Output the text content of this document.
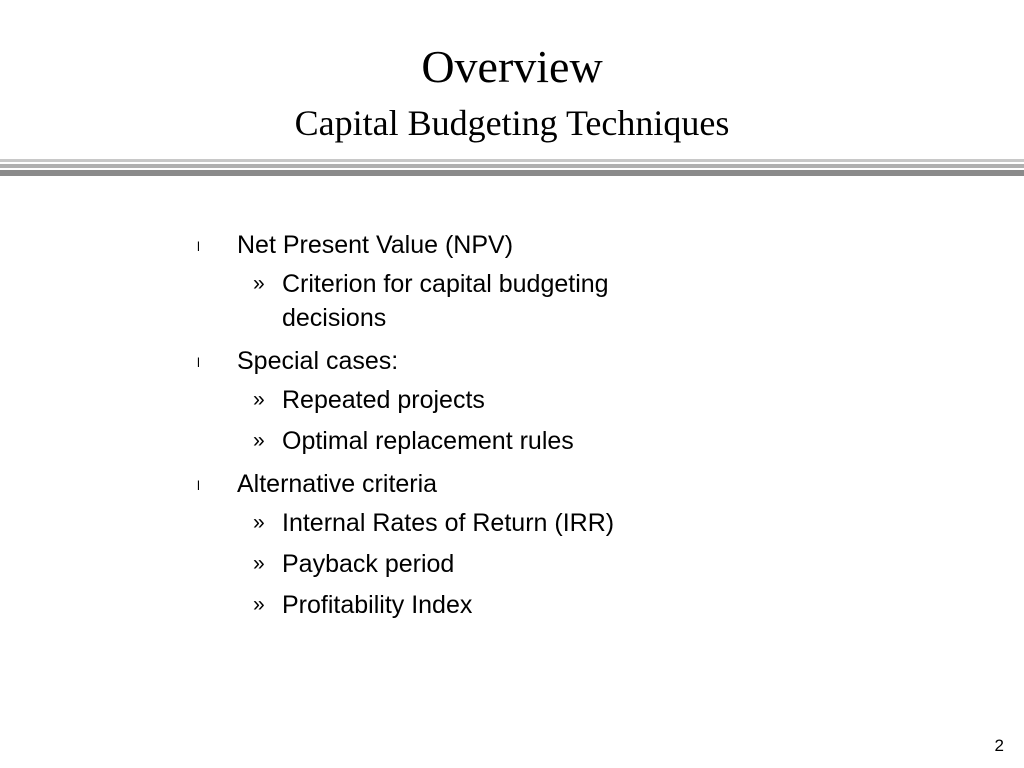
Overview
Capital Budgeting Techniques
l Net Present Value (NPV)
» Criterion for capital budgeting decisions
l Special cases:
» Repeated projects
» Optimal replacement rules
l Alternative criteria
» Internal Rates of Return (IRR)
» Payback period
» Profitability Index
2
